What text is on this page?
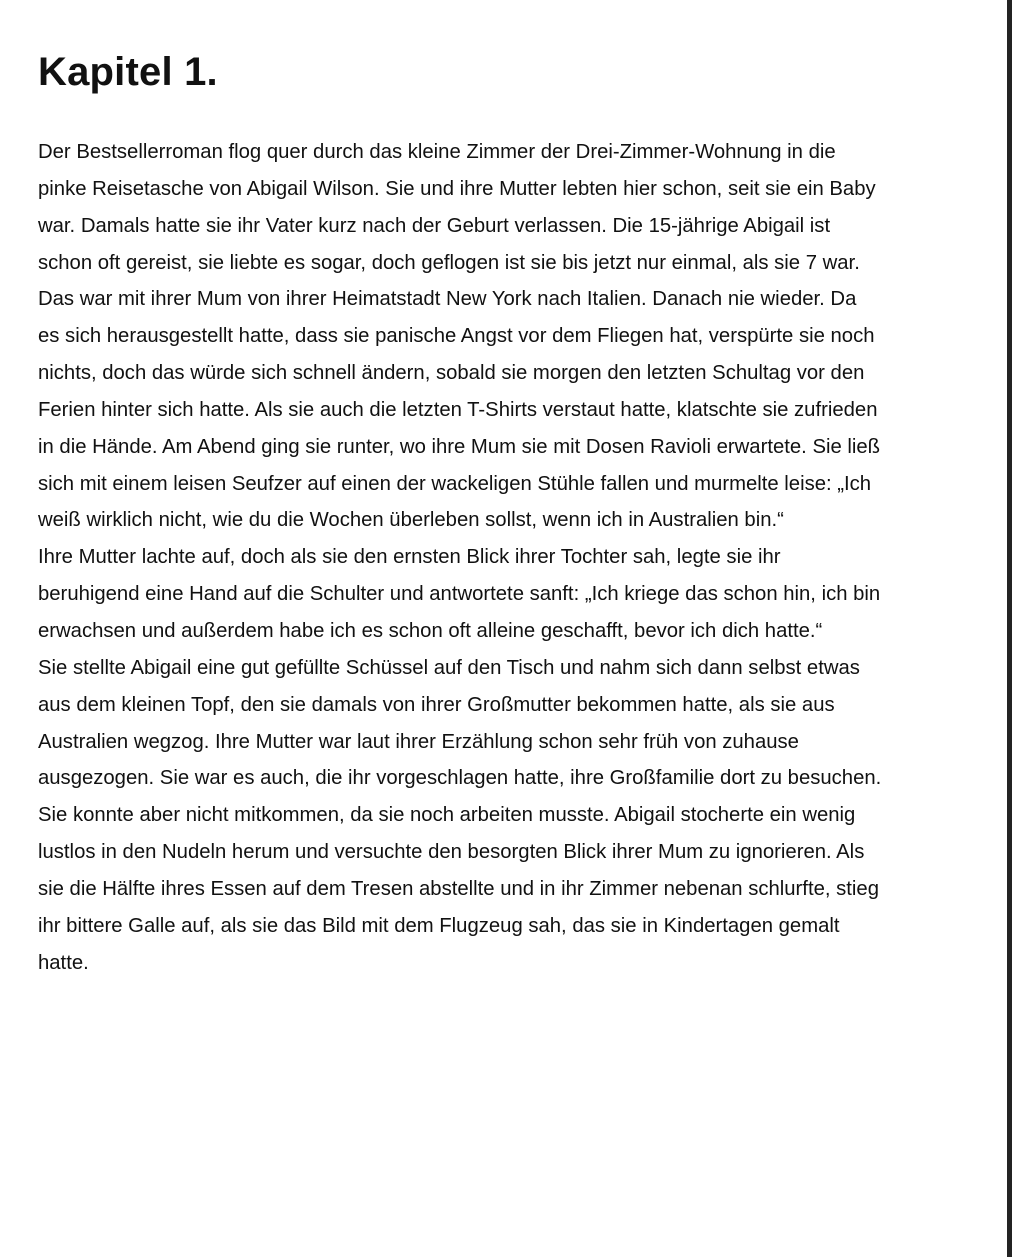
Kapitel 1.
Der Bestsellerroman flog quer durch das kleine Zimmer der Drei-Zimmer-Wohnung in die
pinke Reisetasche von Abigail Wilson. Sie und ihre Mutter lebten hier schon, seit sie ein Baby
war. Damals hatte sie ihr Vater kurz nach der Geburt verlassen. Die 15-jährige Abigail ist
schon oft gereist, sie liebte es sogar, doch geflogen ist sie bis jetzt nur einmal, als sie 7 war.
Das war mit ihrer Mum von ihrer Heimatstadt New York nach Italien. Danach nie wieder. Da
es sich herausgestellt hatte, dass sie panische Angst vor dem Fliegen hat, verspürte sie noch
nichts, doch das würde sich schnell ändern, sobald sie morgen den letzten Schultag vor den
Ferien hinter sich hatte. Als sie auch die letzten T-Shirts verstaut hatte, klatschte sie zufrieden
in die Hände. Am Abend ging sie runter, wo ihre Mum sie mit Dosen Ravioli erwartete. Sie ließ
sich mit einem leisen Seufzer auf einen der wackeligen Stühle fallen und murmelte leise: „Ich
weiß wirklich nicht, wie du die Wochen überleben sollst, wenn ich in Australien bin.“
Ihre Mutter lachte auf, doch als sie den ernsten Blick ihrer Tochter sah, legte sie ihr
beruhigend eine Hand auf die Schulter und antwortete sanft: „Ich kriege das schon hin, ich bin
erwachsen und außerdem habe ich es schon oft alleine geschafft, bevor ich dich hatte.“
Sie stellte Abigail eine gut gefüllte Schüssel auf den Tisch und nahm sich dann selbst etwas
aus dem kleinen Topf, den sie damals von ihrer Großmutter bekommen hatte, als sie aus
Australien wegzog. Ihre Mutter war laut ihrer Erzählung schon sehr früh von zuhause
ausgezogen. Sie war es auch, die ihr vorgeschlagen hatte, ihre Großfamilie dort zu besuchen.
Sie konnte aber nicht mitkommen, da sie noch arbeiten musste. Abigail stocherte ein wenig
lustlos in den Nudeln herum und versuchte den besorgten Blick ihrer Mum zu ignorieren. Als
sie die Hälfte ihres Essen auf dem Tresen abstellte und in ihr Zimmer nebenan schlurfte, stieg
ihr bittere Galle auf, als sie das Bild mit dem Flugzeug sah, das sie in Kindertagen gemalt
hatte.
